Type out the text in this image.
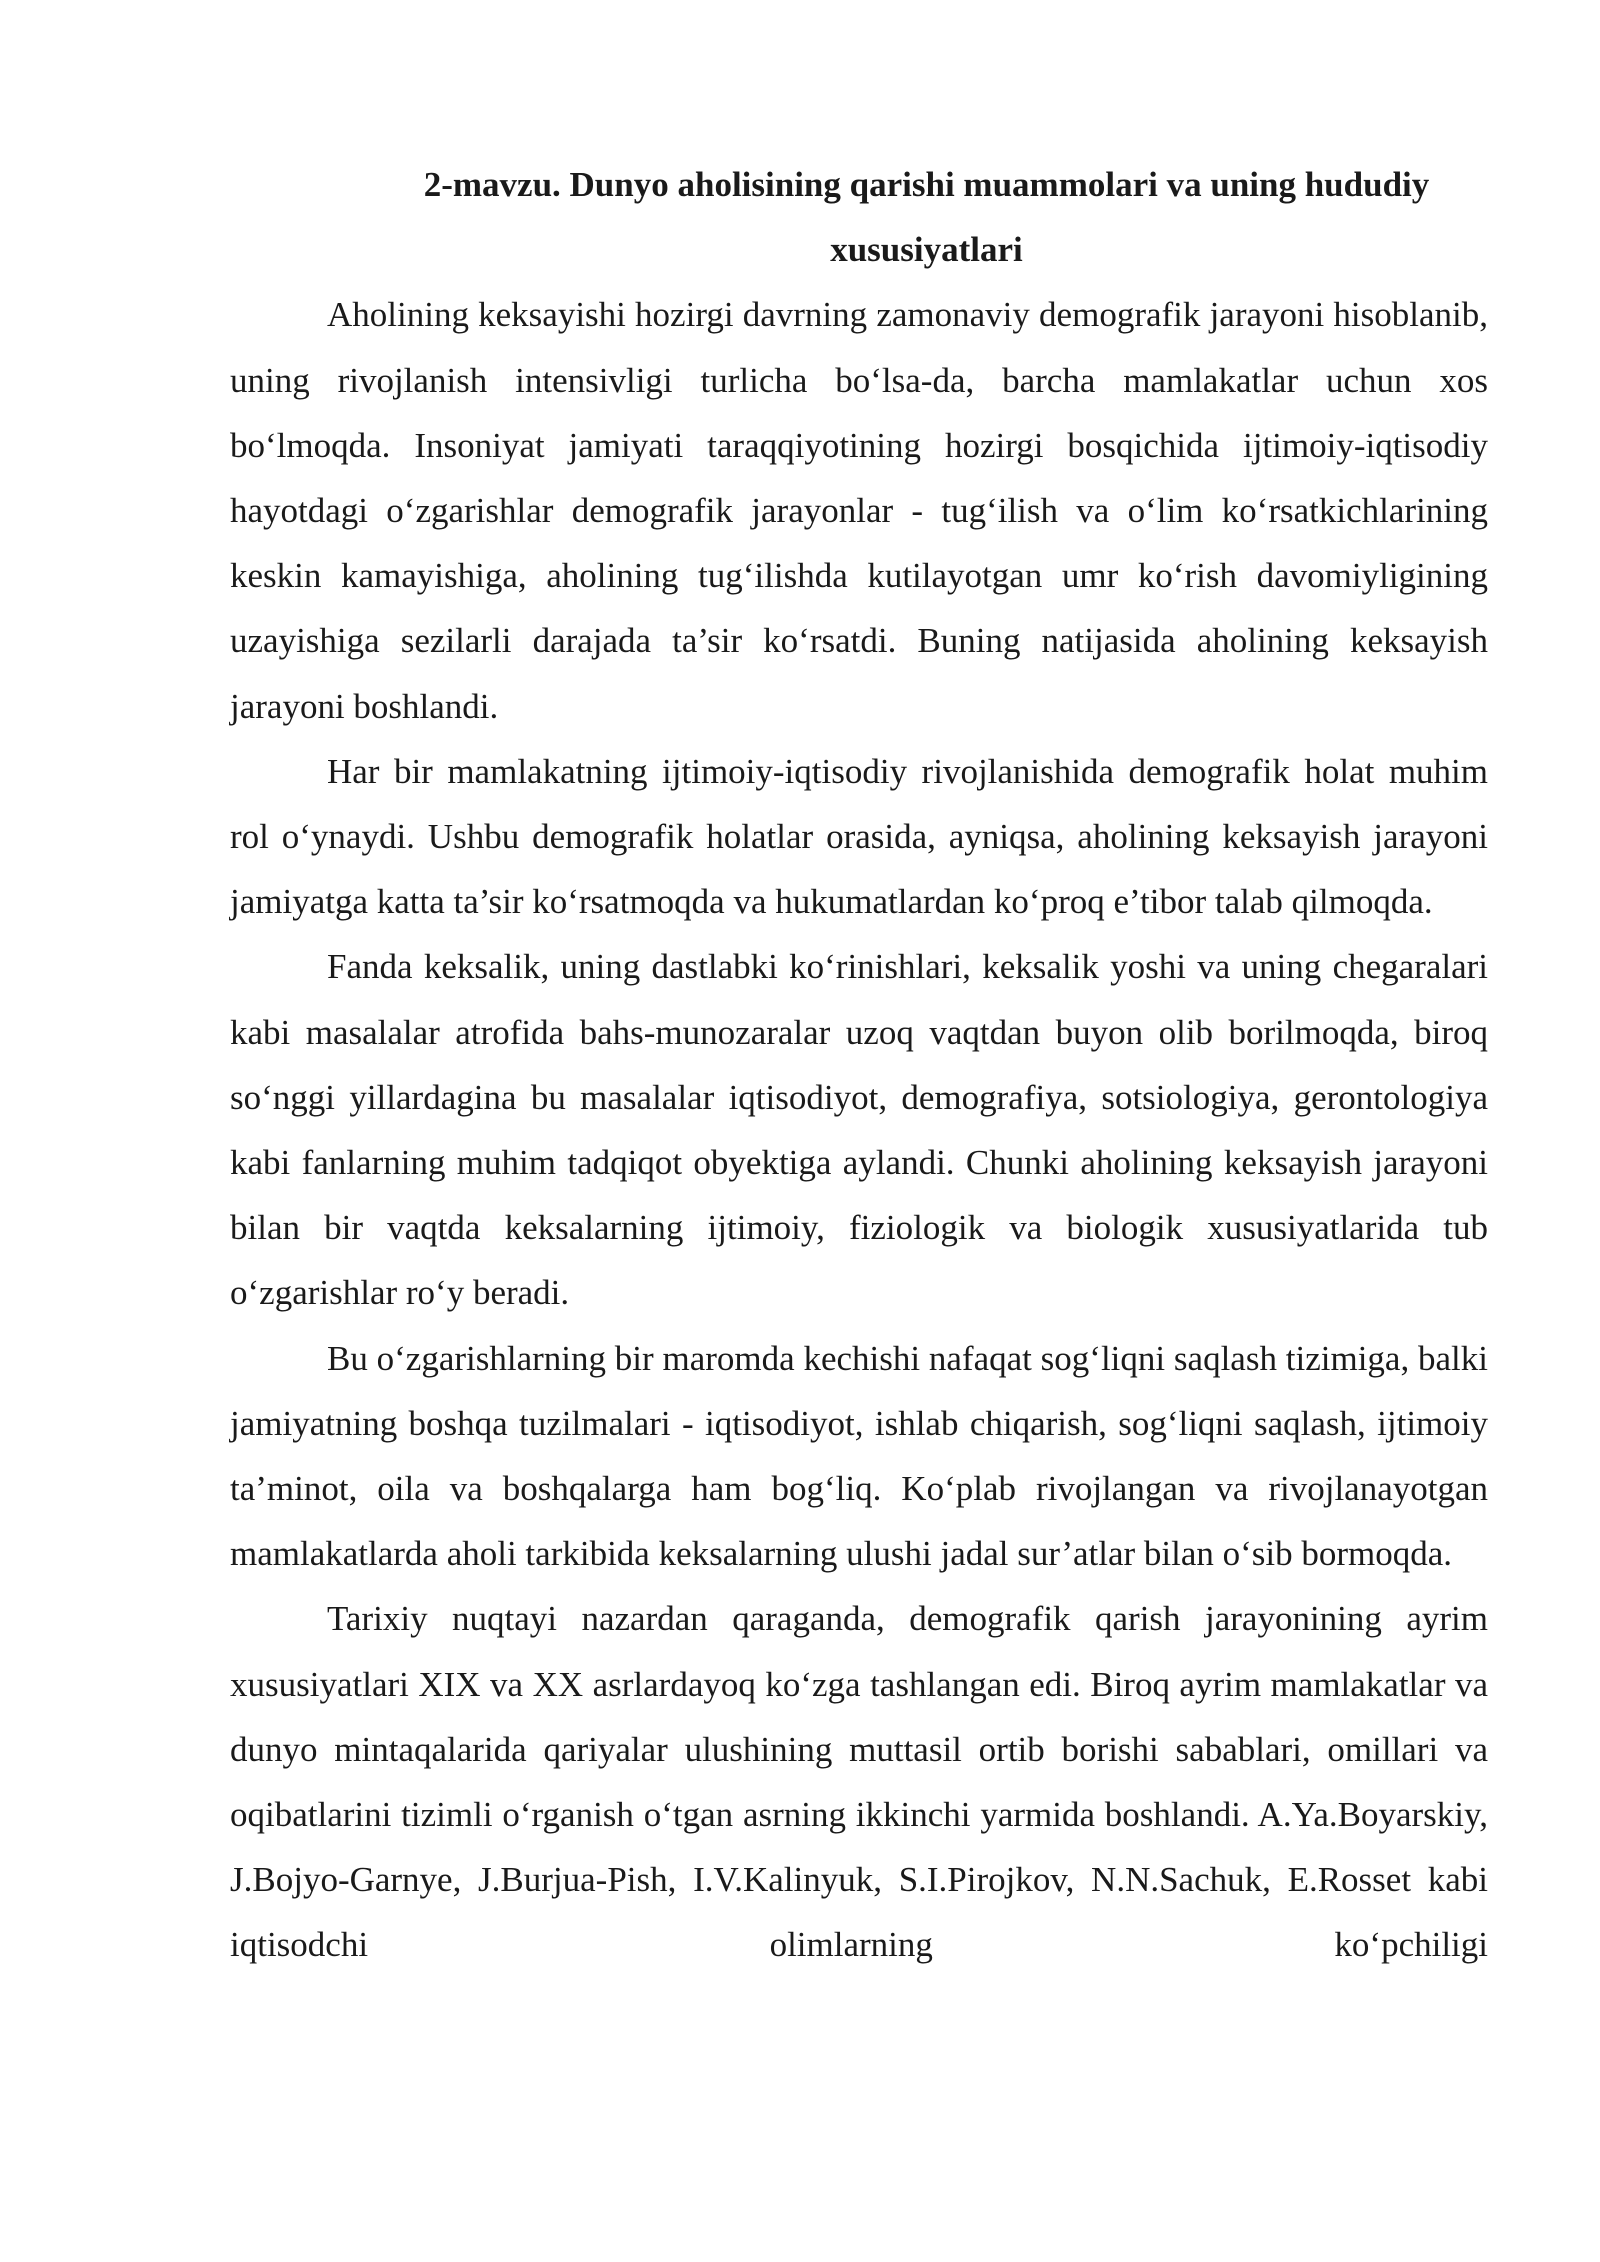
2-mavzu. Dunyo aholisining qarishi muammolari va uning hududiy xususiyatlari

Aholining keksayishi hozirgi davrning zamonaviy demografik jarayoni hisoblanib, uning rivojlanish intensivligi turlicha bo‘lsa-da, barcha mamlakatlar uchun xos bo‘lmoqda. Insoniyat jamiyati taraqqiyotining hozirgi bosqichida ijtimoiy-iqtisodiy hayotdagi o‘zgarishlar demografik jarayonlar - tug‘ilish va o‘lim ko‘rsatkichlarining keskin kamayishiga, aholining tug‘ilishda kutilayotgan umr ko‘rish davomiyligining uzayishiga sezilarli darajada ta’sir ko‘rsatdi. Buning natijasida aholining keksayish jarayoni boshlandi.

Har bir mamlakatning ijtimoiy-iqtisodiy rivojlanishida demografik holat muhim rol o‘ynaydi. Ushbu demografik holatlar orasida, ayniqsa, aholining keksayish jarayoni jamiyatga katta ta’sir ko‘rsatmoqda va hukumatlardan ko‘proq e’tibor talab qilmoqda.

Fanda keksalik, uning dastlabki ko‘rinishlari, keksalik yoshi va uning chegaralari kabi masalalar atrofida bahs-munozaralar uzoq vaqtdan buyon olib borilmoqda, biroq so‘nggi yillardagina bu masalalar iqtisodiyot, demografiya, sotsiologiya, gerontologiya kabi fanlarning muhim tadqiqot obyektiga aylandi. Chunki aholining keksayish jarayoni bilan bir vaqtda keksalarning ijtimoiy, fiziologik va biologik xususiyatlarida tub o‘zgarishlar ro‘y beradi.

Bu o‘zgarishlarning bir maromda kechishi nafaqat sog‘liqni saqlash tizimiga, balki jamiyatning boshqa tuzilmalari - iqtisodiyot, ishlab chiqarish, sog‘liqni saqlash, ijtimoiy ta’minot, oila va boshqalarga ham bog‘liq. Ko‘plab rivojlangan va rivojlanayotgan mamlakatlarda aholi tarkibida keksalarning ulushi jadal sur’atlar bilan o‘sib bormoqda.

Tarixiy nuqtayi nazardan qaraganda, demografik qarish jarayonining ayrim xususiyatlari XIX va XX asrlardayoq ko‘zga tashlangan edi. Biroq ayrim mamlakatlar va dunyo mintaqalarida qariyalar ulushining muttasil ortib borishi sabablari, omillari va oqibatlarini tizimli o‘rganish o‘tgan asrning ikkinchi yarmida boshlandi. A.Ya.Boyarskiy, J.Bojyo-Garnye, J.Burjua-Pish, I.V.Kalinyuk, S.I.Pirojkov, N.N.Sachuk, E.Rosset kabi iqtisodchi olimlarning ko‘pchiligi
